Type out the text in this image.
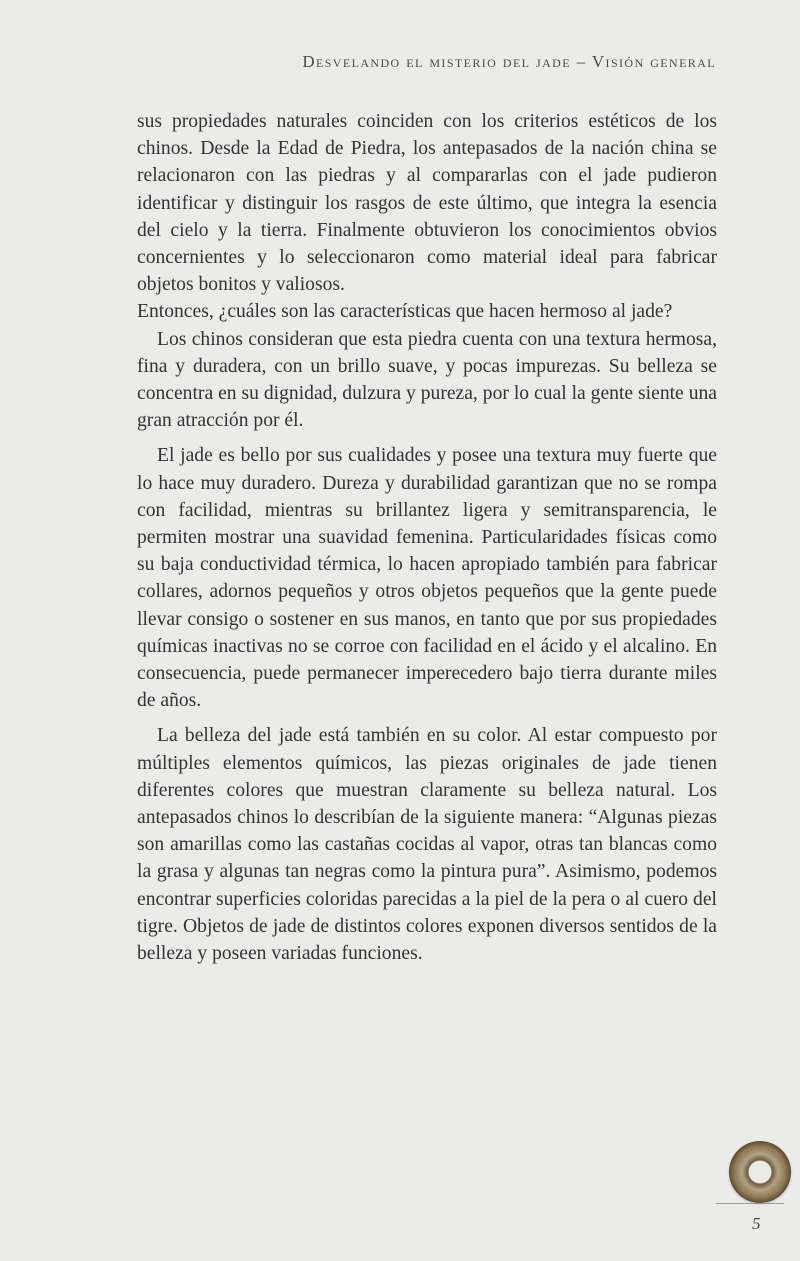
Desvelando el misterio del jade – Visión general

sus propiedades naturales coinciden con los criterios estéticos de los chinos. Desde la Edad de Piedra, los antepasados de la nación china se relacionaron con las piedras y al compararlas con el jade pudieron identificar y distinguir los rasgos de este último, que integra la esencia del cielo y la tierra. Finalmente obtuvieron los conocimientos obvios concernientes y lo seleccionaron como material ideal para fabricar objetos bonitos y valiosos.

Entonces, ¿cuáles son las características que hacen hermoso al jade?

Los chinos consideran que esta piedra cuenta con una textura hermosa, fina y duradera, con un brillo suave, y pocas impurezas. Su belleza se concentra en su dignidad, dulzura y pureza, por lo cual la gente siente una gran atracción por él.

El jade es bello por sus cualidades y posee una textura muy fuerte que lo hace muy duradero. Dureza y durabilidad garantizan que no se rompa con facilidad, mientras su brillantez ligera y semitransparencia, le permiten mostrar una suavidad femenina. Particularidades físicas como su baja conductividad térmica, lo hacen apropiado también para fabricar collares, adornos pequeños y otros objetos pequeños que la gente puede llevar consigo o sostener en sus manos, en tanto que por sus propiedades químicas inactivas no se corroe con facilidad en el ácido y el alcalino. En consecuencia, puede permanecer imperecedero bajo tierra durante miles de años.

La belleza del jade está también en su color. Al estar compuesto por múltiples elementos químicos, las piezas originales de jade tienen diferentes colores que muestran claramente su belleza natural. Los antepasados chinos lo describían de la siguiente manera: “Algunas piezas son amarillas como las castañas cocidas al vapor, otras tan blancas como la grasa y algunas tan negras como la pintura pura”. Asimismo, podemos encontrar superficies coloridas parecidas a la piel de la pera o al cuero del tigre. Objetos de jade de distintos colores exponen diversos sentidos de la belleza y poseen variadas funciones.

5
